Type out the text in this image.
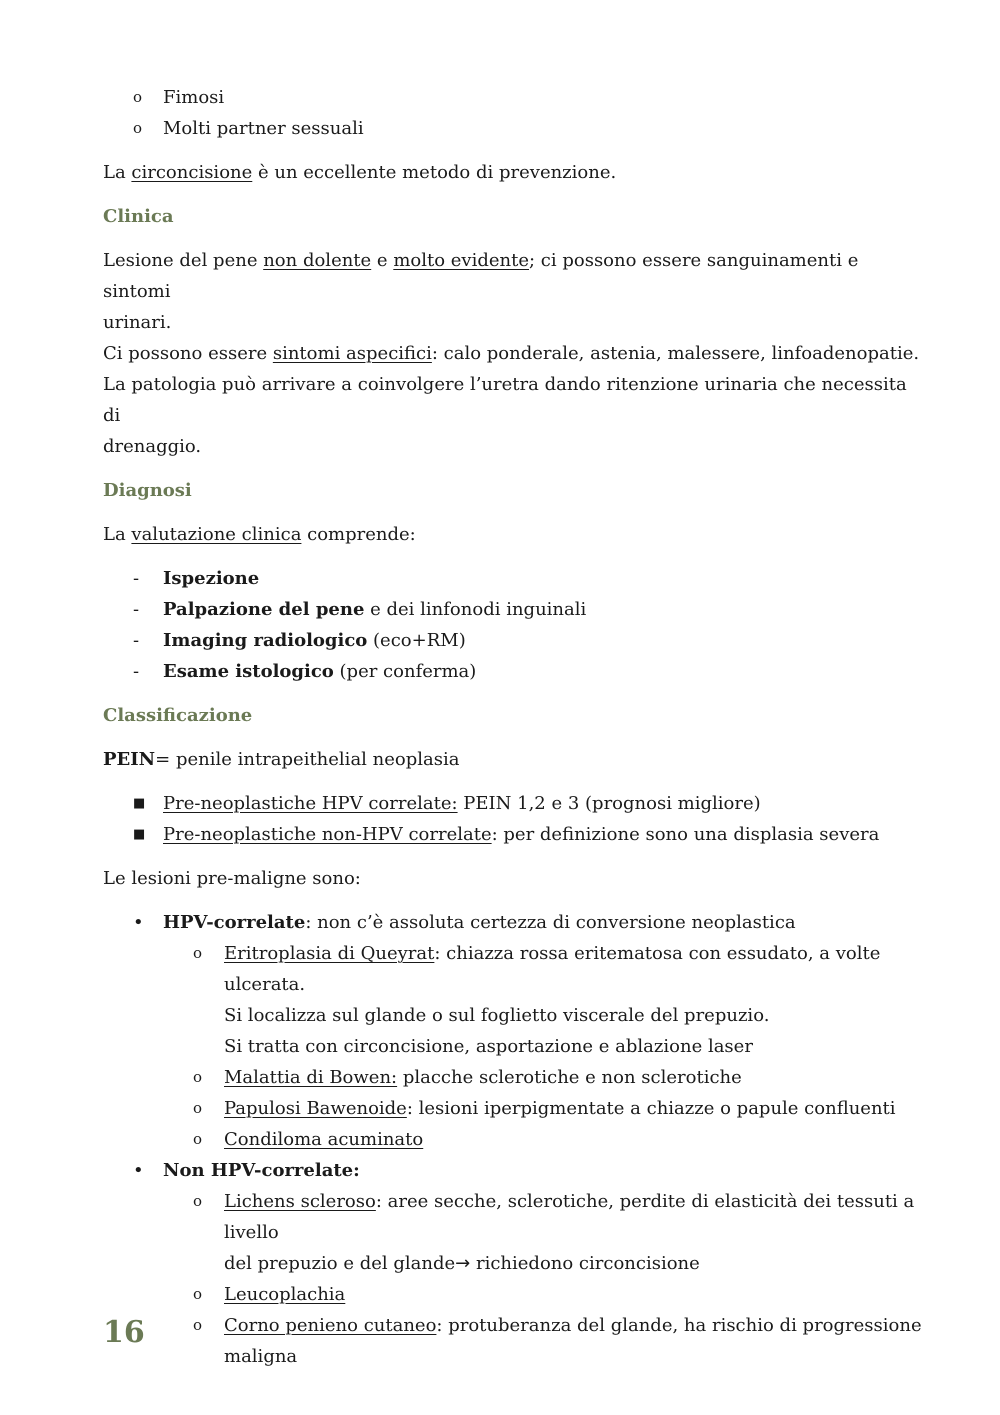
o Fimosi
o Molti partner sessuali

La circoncisione è un eccellente metodo di prevenzione.

Clinica

Lesione del pene non dolente e molto evidente; ci possono essere sanguinamenti e sintomi

urinari.

Ci possono essere sintomi aspecifici: calo ponderale, astenia, malessere, linfoadenopatie.

La patologia può arrivare a coinvolgere l’uretra dando ritenzione urinaria che necessita di

drenaggio.

Diagnosi

La valutazione clinica comprende:

- Ispezione
- Palpazione del pene e dei linfonodi inguinali
- Imaging radiologico (eco+RM)
- Esame istologico (per conferma)

Classificazione

PEIN= penile intrapeithelial neoplasia

■ Pre-neoplastiche HPV correlate: PEIN 1,2 e 3 (prognosi migliore)
■ Pre-neoplastiche non-HPV correlate: per definizione sono una displasia severa

Le lesioni pre-maligne sono:

• HPV-correlate: non c’è assoluta certezza di conversione neoplastica
o Eritroplasia di Queyrat: chiazza rossa eritematosa con essudato, a volte ulcerata.
Si localizza sul glande o sul foglietto viscerale del prepuzio.
Si tratta con circoncisione, asportazione e ablazione laser
o Malattia di Bowen: placche sclerotiche e non sclerotiche
o Papulosi Bawenoide: lesioni iperpigmentate a chiazze o papule confluenti
o Condiloma acuminato
• Non HPV-correlate:
o Lichens scleroso: aree secche, sclerotiche, perdite di elasticità dei tessuti a livello
del prepuzio e del glande→ richiedono circoncisione
o Leucoplachia
o Corno penieno cutaneo: protuberanza del glande, ha rischio di progressione
maligna
16
